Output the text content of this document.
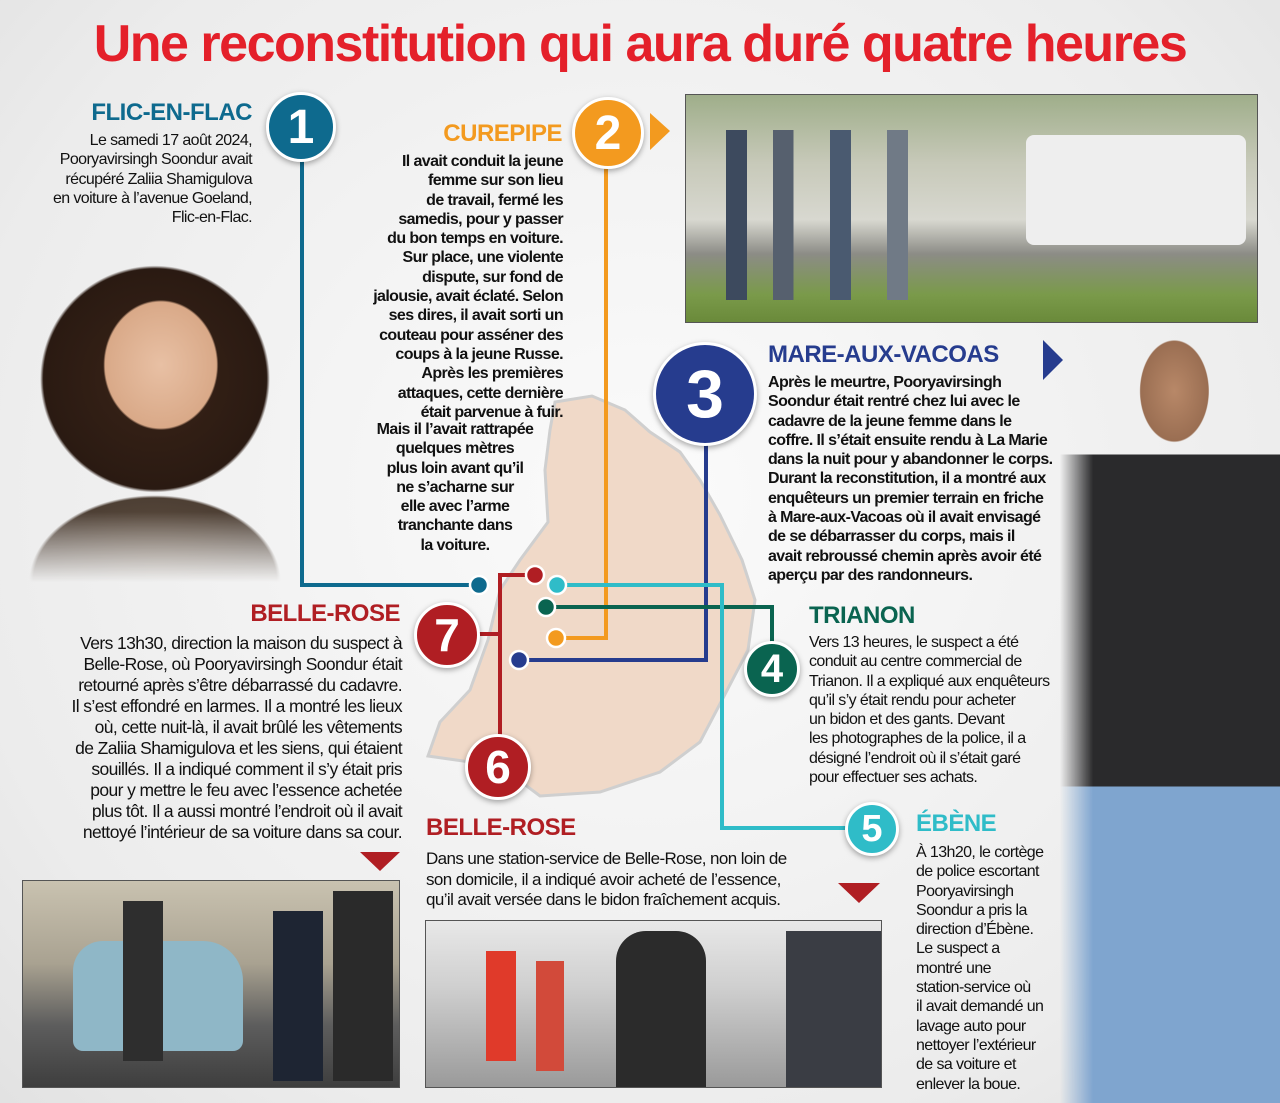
Une reconstitution qui aura duré quatre heures
1	2
3
4
5
6
7
FLIC-EN-FLAC
CUREPIPE
MARE-AUX-VACOAS
TRIANON
ÉBÈNE
BELLE-ROSE
BELLE-ROSE
Le samedi 17 août 2024,
Pooryavirsingh Soondur avait
récupéré Zaliia Shamigulova
en voiture à l’avenue Goeland,
Flic-en-Flac.
Il avait conduit la jeune
femme sur son lieu
de travail, fermé les
samedis, pour y passer
du bon temps en voiture.
Sur place, une violente
dispute, sur fond de
jalousie, avait éclaté. Selon
ses dires, il avait sorti un
couteau pour asséner des
coups à la jeune Russe.
Après les premières
attaques, cette dernière
était parvenue à fuir.
Mais il l’avait rattrapée
quelques mètres
plus loin avant qu’il
ne s’acharne sur
elle avec l’arme
tranchante dans
la voiture.
Après le meurtre, Pooryavirsingh
Soondur était rentré chez lui avec le
cadavre de la jeune femme dans le
coffre. Il s’était ensuite rendu à La Marie
dans la nuit pour y abandonner le corps.
Durant la reconstitution, il a montré aux
enquêteurs un premier terrain en friche
à Mare-aux-Vacoas où il avait envisagé
de se débarrasser du corps, mais il
avait rebroussé chemin après avoir été
aperçu par des randonneurs.
Vers 13 heures, le suspect a été
conduit au centre commercial de
Trianon. Il a expliqué aux enquêteurs
qu’il s’y était rendu pour acheter
un bidon et des gants. Devant
les photographes de la police, il a
désigné l’endroit où il s’était garé
pour effectuer ses achats.
À 13h20, le cortège
de police escortant
Pooryavirsingh
Soondur a pris la
direction d’Ébène.
Le suspect a
montré une
station-service où
il avait demandé un
lavage auto pour
nettoyer l’extérieur
de sa voiture et
enlever la boue.
Dans une station-service de Belle-Rose, non loin de
son domicile, il a indiqué avoir acheté de l’essence,
qu’il avait versée dans le bidon fraîchement acquis.
Vers 13h30, direction la maison du suspect à
Belle-Rose, où Pooryavirsingh Soondur était
retourné après s’être débarrassé du cadavre.
Il s’est effondré en larmes. Il a montré les lieux
où, cette nuit-là, il avait brûlé les vêtements
de Zaliia Shamigulova et les siens, qui étaient
souillés. Il a indiqué comment il s’y était pris
pour y mettre le feu avec l’essence achetée
plus tôt. Il a aussi montré l’endroit où il avait
nettoyé l’intérieur de sa voiture dans sa cour.
